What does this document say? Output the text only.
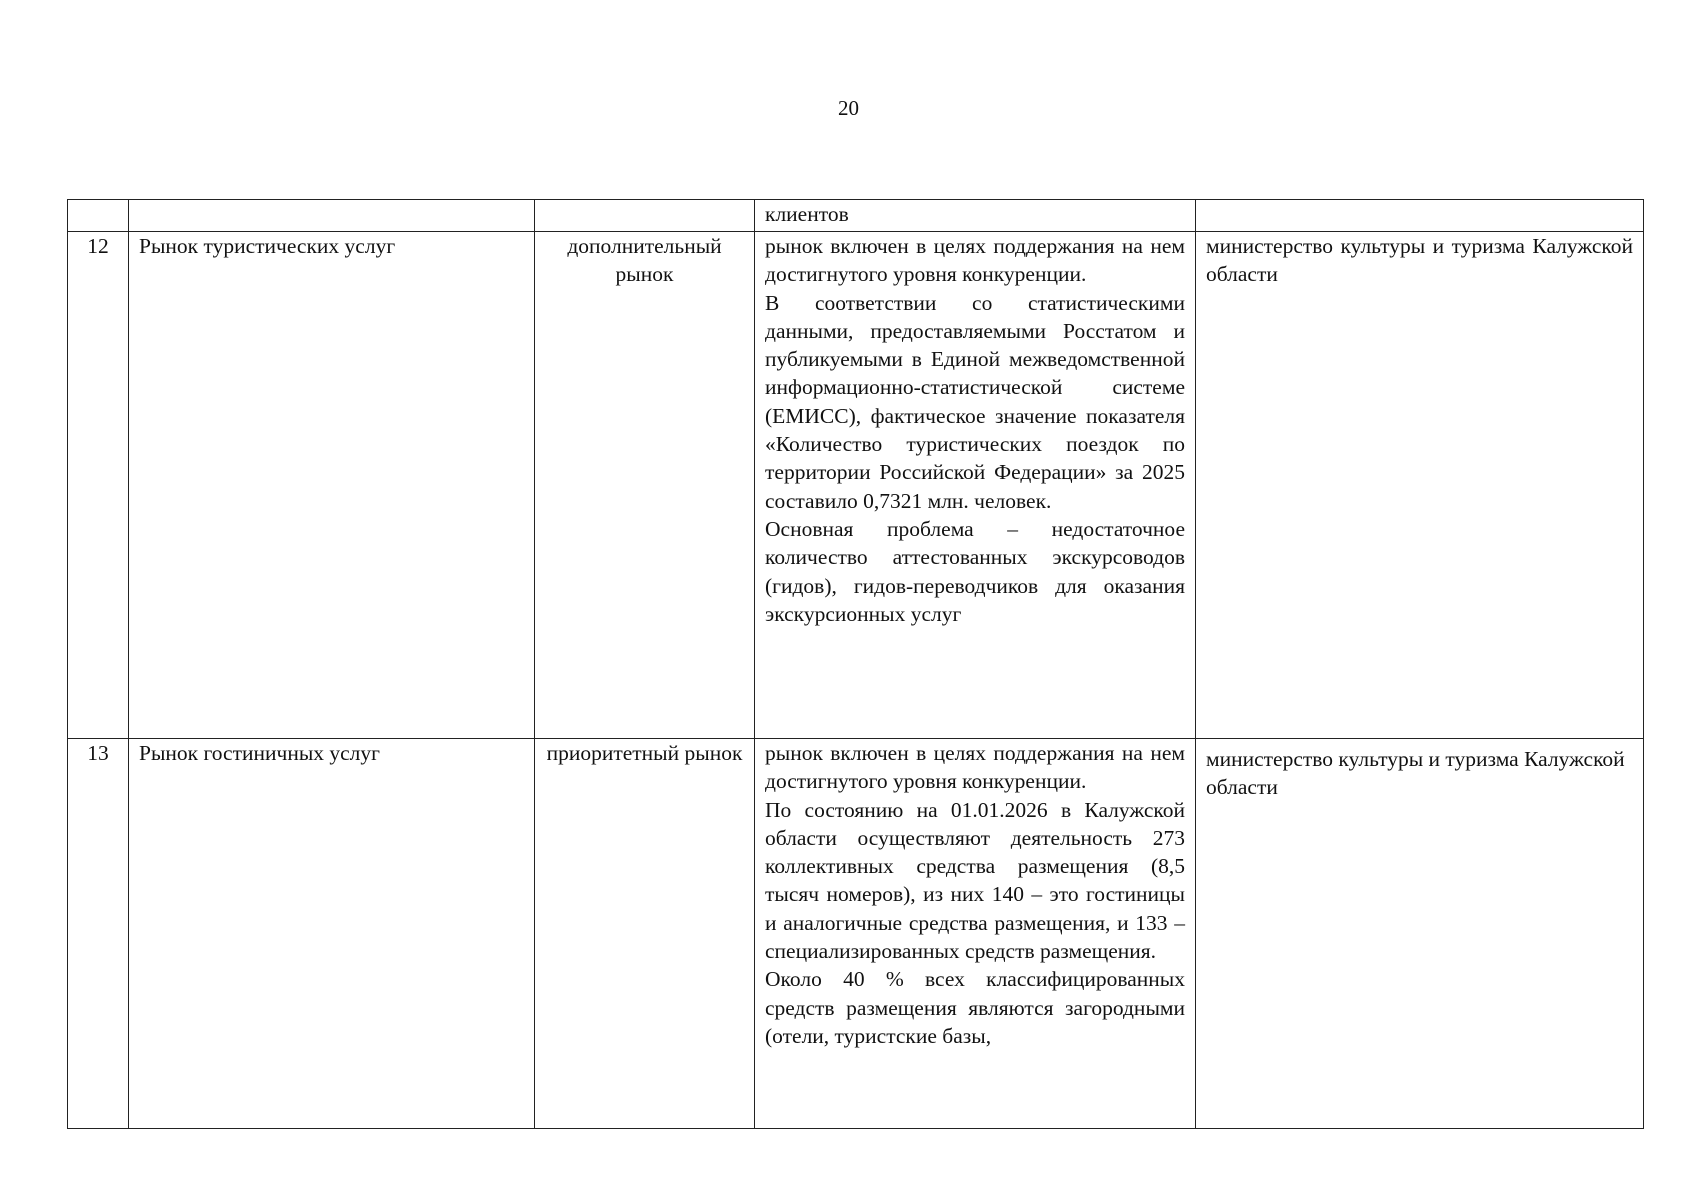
20
			клиентов	
12	Рынок туристических услуг	дополнительный рынок	рынок включен в целях поддержания на нем достигнутого уровня конкуренции.
В соответствии со статистическими данными, предоставляемыми Росстатом и публикуемыми в Единой межведомственной информационно-статистической системе (ЕМИСС), фактическое значение показателя «Количество туристических поездок по территории Российской Федерации» за 2025 составило 0,7321 млн. человек.
Основная проблема – недостаточное количество аттестованных экскурсоводов (гидов), гидов-переводчиков для оказания экскурсионных услуг	министерство культуры и туризма Калужской области

13	Рынок гостиничных услуг	приоритетный рынок	рынок включен в целях поддержания на нем достигнутого уровня конкуренции.
По состоянию на 01.01.2026 в Калужской области осуществляют деятельность 273 коллективных средства размещения (8,5 тысяч номеров), из них 140 – это гостиницы и аналогичные средства размещения, и 133 – специализированных средств размещения.
Около 40 % всех классифицированных средств размещения являются загородными (отели, туристские базы,	министерство культуры и туризма Калужской области
